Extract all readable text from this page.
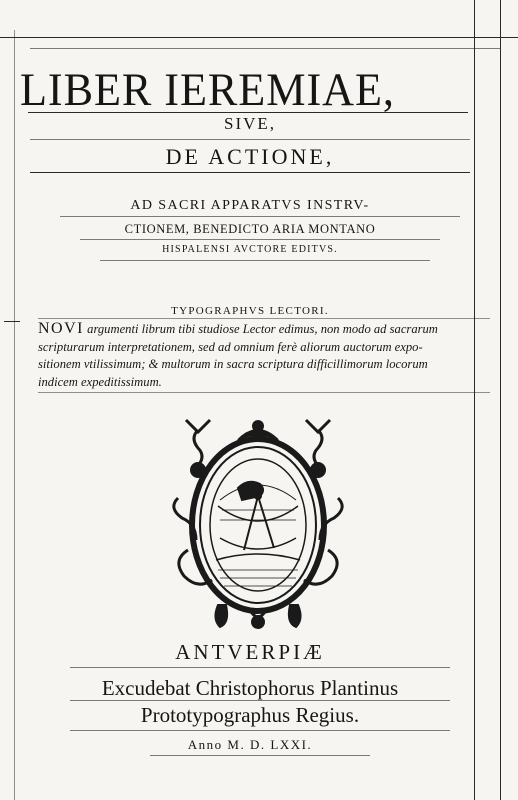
LIBER IEREMIAE,
SIVE,
DE ACTIONE,
AD SACRI APPARATVS INSTRV-
CTIONEM, BENEDICTO ARIA MONTANO
HISPALENSI AVCTORE EDITVS.
TYPOGRAPHVS LECTORI.
NOVI argumenti librum tibi studiose Lector edimus, non modo ad sacrarum
scripturarum interpretationem, sed ad omnium ferè aliorum auctorum expo-
sitionem vtilissimum; & multorum in sacra scriptura difficillimorum locorum
indicem expeditissimum.
ANTVERPIÆ
Excudebat Christophorus Plantinus
Prototypographus Regius.
Anno M. D. LXXI.
